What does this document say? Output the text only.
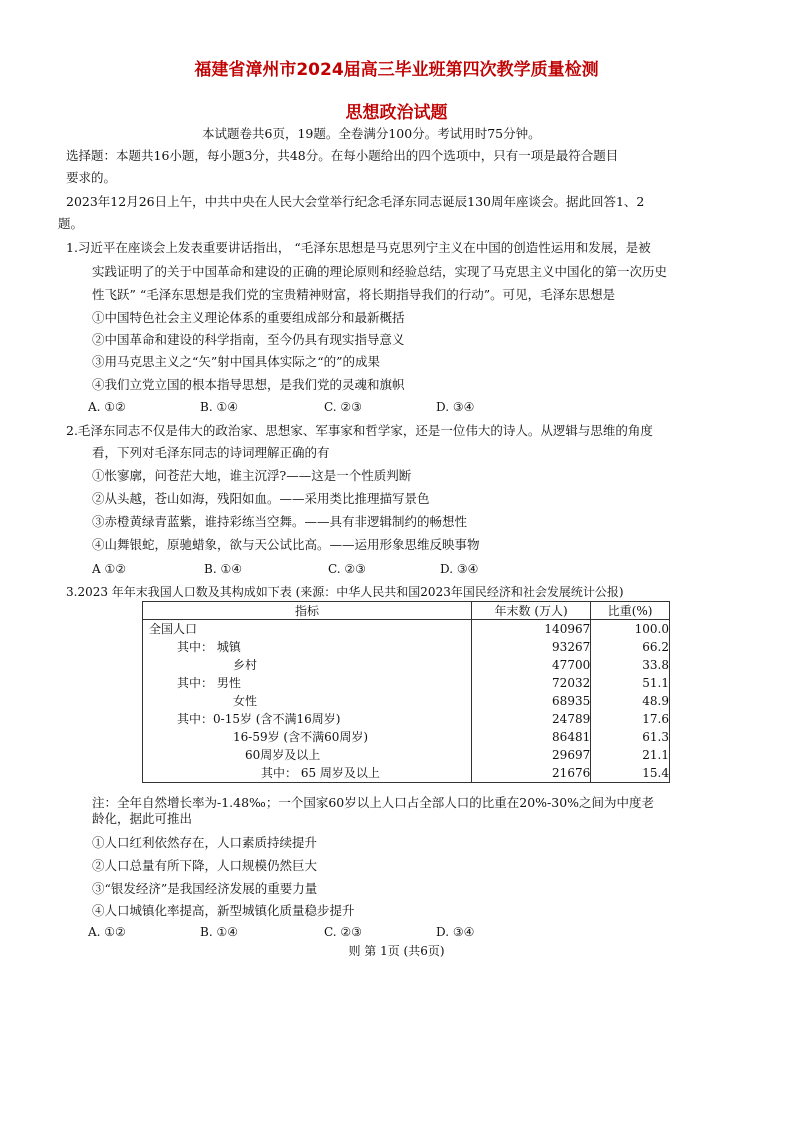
福建省漳州市2024届高三毕业班第四次教学质量检测
思想政治试题
本试题卷共6页，19题。全卷满分100分。考试用时75分钟。
选择题：本题共16小题，每小题3分，共48分。在每小题给出的四个选项中，只有一项是最符合题目
要求的。
2023年12月26日上午，中共中央在人民大会堂举行纪念毛泽东同志诞辰130周年座谈会。据此回答1、2
题。
1.习近平在座谈会上发表重要讲话指出， “毛泽东思想是马克思列宁主义在中国的创造性运用和发展，是被
实践证明了的关于中国革命和建设的正确的理论原则和经验总结，实现了马克思主义中国化的第一次历史
性飞跃” “毛泽东思想是我们党的宝贵精神财富，将长期指导我们的行动”。可见，毛泽东思想是
①中国特色社会主义理论体系的重要组成部分和最新概括
②中国革命和建设的科学指南，至今仍具有现实指导意义
③用马克思主义之“矢”射中国具体实际之“的”的成果
④我们立党立国的根本指导思想，是我们党的灵魂和旗帜
A. ①②	B. ①④	C. ②③	D. ③④
2.毛泽东同志不仅是伟大的政治家、思想家、军事家和哲学家，还是一位伟大的诗人。从逻辑与思维的角度
看，下列对毛泽东同志的诗词理解正确的有
①怅寥廓，问苍茫大地，谁主沉浮?——这是一个性质判断
②从头越，苍山如海，残阳如血。——采用类比推理描写景色
③赤橙黄绿青蓝紫，谁持彩练当空舞。——具有非逻辑制约的畅想性
④山舞银蛇，原驰蜡象，欲与天公试比高。——运用形象思维反映事物
A ①②	B. ①④	C. ②③	D. ③④
3.2023 年年末我国人口数及其构成如下表 (来源：中华人民共和国2023年国民经济和社会发展统计公报)
指标	年末数 (万人)	比重(%)
全国人口	140967	100.0
其中： 城镇	93267	66.2
乡村	47700	33.8
其中： 男性	72032	51.1
女性	68935	48.9
其中：0-15岁 (含不满16周岁)	24789	17.6
16-59岁 (含不满60周岁)	86481	61.3
60周岁及以上	29697	21.1
其中： 65 周岁及以上	21676	15.4
注：全年自然增长率为-1.48‰；一个国家60岁以上人口占全部人口的比重在20%-30%之间为中度老
龄化，据此可推出
①人口红利依然存在，人口素质持续提升
②人口总量有所下降，人口规模仍然巨大
③“银发经济”是我国经济发展的重要力量
④人口城镇化率提高，新型城镇化质量稳步提升
A. ①②	B. ①④	C. ②③	D. ③④
则 第 1页 (共6页)
